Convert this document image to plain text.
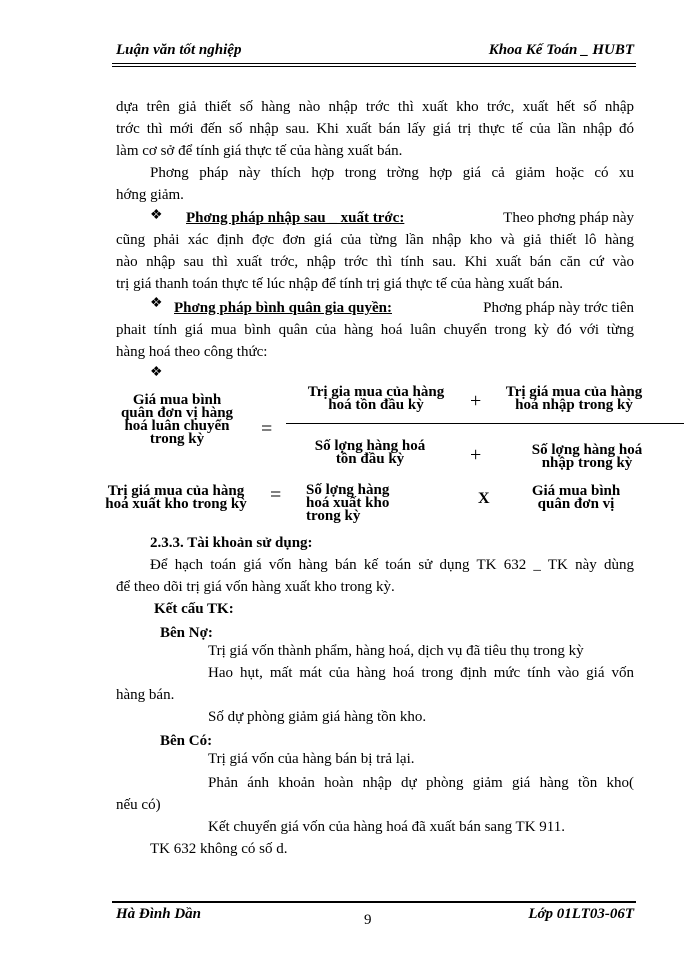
Luận văn tốt nghiệp	Khoa Kế Toán _ HUBT
dựa trên giả thiết số hàng nào nhập trớc thì xuất kho trớc, xuất hết số nhập
trớc thì mới đến số nhập sau. Khi xuất bán lấy giá trị thực tế của lần nhập đó
làm cơ sở để tính giá thực tế của hàng xuất bán.
Phơng pháp này thích hợp trong trờng hợp giá cả giảm hoặc có xu
hớng giảm.
❖ Phơng pháp nhập sau _ xuất trớc:	Theo phơng pháp này
cũng phải xác định đợc đơn giá của từng lần nhập kho và giả thiết lô hàng
nào nhập sau thì xuất trớc, nhập trớc thì tính sau. Khi xuất bán căn cứ vào
trị giá thanh toán thực tế lúc nhập để tính trị giá thực tế của hàng xuất bán.
❖ Phơng pháp bình quân gia quyền:	Phơng pháp này trớc tiên
phait tính giá mua bình quân của hàng hoá luân chuyển trong kỳ đó với từng
hàng hoá theo công thức:
❖
Giá mua bình
quân đơn vị hàng
hoá luân chuyển
trong kỳ	=
Trị gia mua của hàng
hoá tồn đầu kỳ	+	Trị giá mua của hàng
hoá nhập trong kỳ
Số lợng hàng hoá
tồn đầu kỳ	+	Số lợng hàng hoá
nhập trong kỳ
Trị giá mua của hàng
hoá xuất kho trong kỳ	= Số lợng hàng
hoá xuất kho
trong kỳ
X	Giá mua bình
quân đơn vị
2.3.3. Tài khoản sử dụng:
Để hạch toán giá vốn hàng bán kế toán sử dụng TK 632 _ TK này dùng
để theo dõi trị giá vốn hàng xuất kho trong kỳ.
Kết cấu TK:
Bên Nợ:
Trị giá vốn thành phẩm, hàng hoá, dịch vụ đã tiêu thụ trong kỳ
Hao hụt, mất mát của hàng hoá trong định mức tính vào giá vốn
hàng bán.
Số dự phòng giảm giá hàng tồn kho.
Bên Có:
Trị giá vốn của hàng bán bị trả lại.
Phản ánh khoản hoàn nhập dự phòng giảm giá hàng tồn kho(
nếu có)
Kết chuyển giá vốn của hàng hoá đã xuất bán sang TK 911.
TK 632 không có số d.
Hà Đình Dần	9	Lớp 01LT03-06T
